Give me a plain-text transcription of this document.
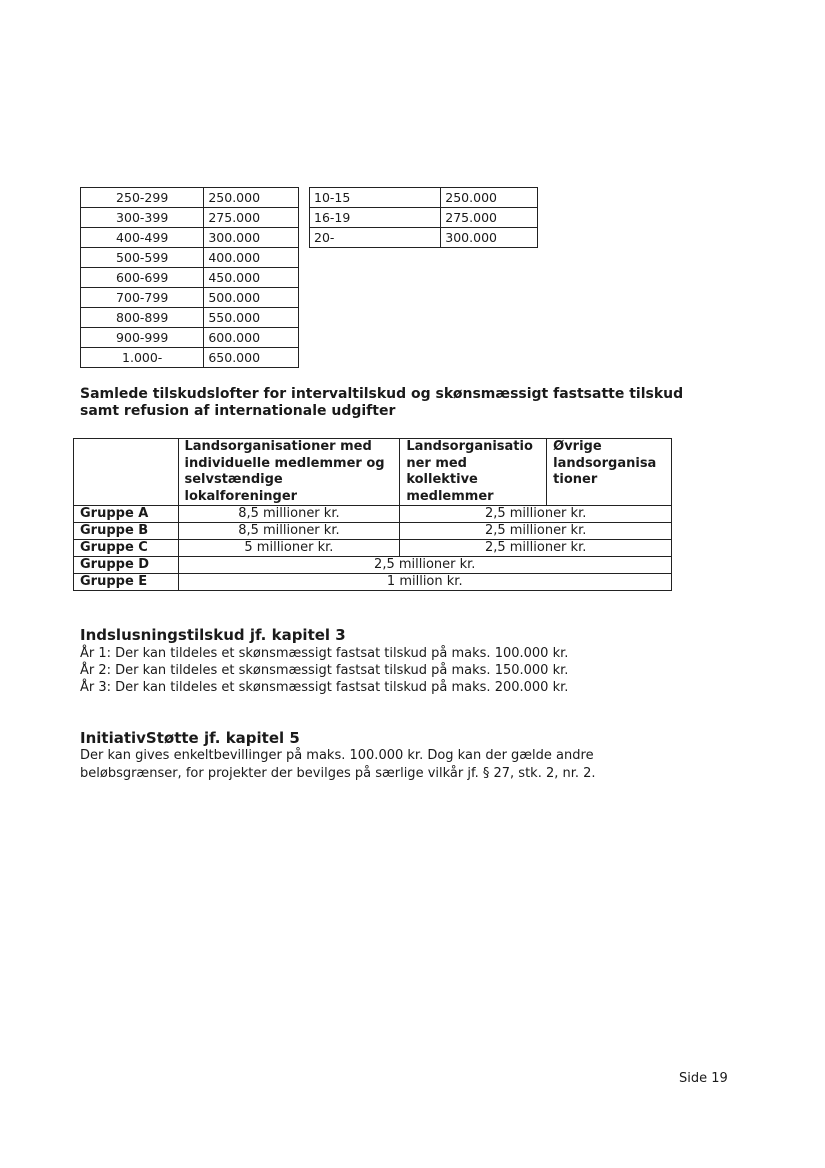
250-299	250.000
300-399	275.000
400-499	300.000
500-599	400.000
600-699	450.000
700-799	500.000
800-899	550.000
900-999	600.000
1.000-	650.000
10-15	250.000
16-19	275.000
20-	300.000

Samlede tilskudslofter for intervaltilskud og skønsmæssigt fastsatte tilskud samt refusion af internationale udgifter

	Landsorganisationer med individuelle medlemmer og selvstændige lokalforeninger	Landsorganisatio ner med kollektive medlemmer	Øvrige landsorganisa tioner
Gruppe A	8,5 millioner kr.	2,5 millioner kr.	
Gruppe B	8,5 millioner kr.	2,5 millioner kr.	
Gruppe C	5 millioner kr.	2,5 millioner kr.	
Gruppe D	2,5 millioner kr.		
Gruppe E	1 million kr.		
Indslusningstilskud jf. kapitel 3

År 1: Der kan tildeles et skønsmæssigt fastsat tilskud på maks. 100.000 kr.

År 2: Der kan tildeles et skønsmæssigt fastsat tilskud på maks. 150.000 kr.

År 3: Der kan tildeles et skønsmæssigt fastsat tilskud på maks. 200.000 kr.

InitiativStøtte jf. kapitel 5

Der kan gives enkeltbevillinger på maks. 100.000 kr. Dog kan der gælde andre beløbsgrænser, for projekter der bevilges på særlige vilkår jf. § 27, stk. 2, nr. 2.

Side 19
